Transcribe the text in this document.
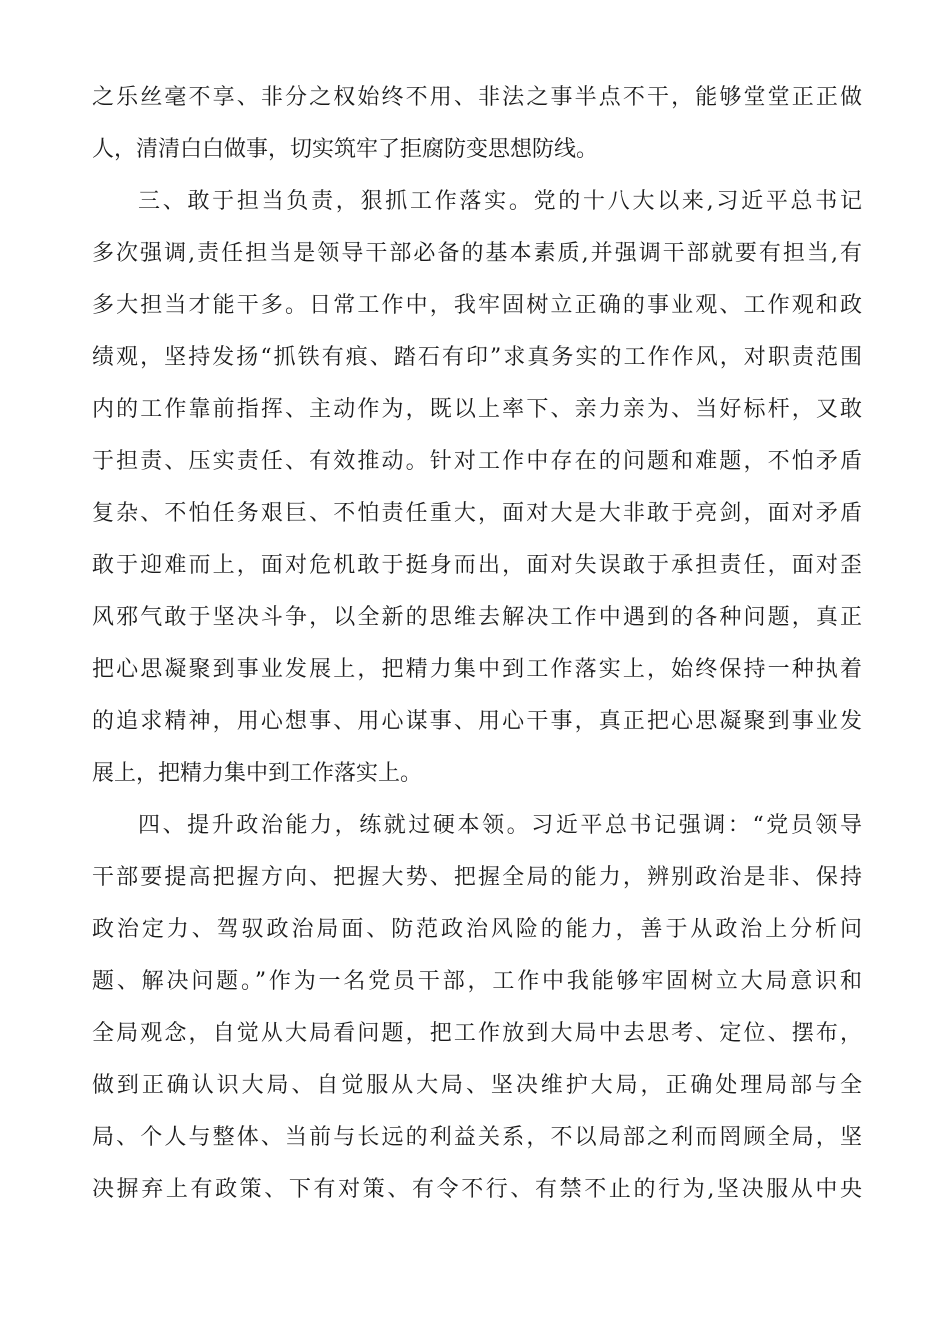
之乐丝毫不享、非分之权始终不用、非法之事半点不干，能够堂堂正正做
人，清清白白做事，切实筑牢了拒腐防变思想防线。
三、敢于担当负责，狠抓工作落实。党的十八大以来,习近平总书记
多次强调,责任担当是领导干部必备的基本素质,并强调干部就要有担当,有
多大担当才能干多。日常工作中，我牢固树立正确的事业观、工作观和政
绩观，坚持发扬“抓铁有痕、踏石有印”求真务实的工作作风，对职责范围
内的工作靠前指挥、主动作为，既以上率下、亲力亲为、当好标杆，又敢
于担责、压实责任、有效推动。针对工作中存在的问题和难题，不怕矛盾
复杂、不怕任务艰巨、不怕责任重大，面对大是大非敢于亮剑，面对矛盾
敢于迎难而上，面对危机敢于挺身而出，面对失误敢于承担责任，面对歪
风邪气敢于坚决斗争，以全新的思维去解决工作中遇到的各种问题，真正
把心思凝聚到事业发展上，把精力集中到工作落实上，始终保持一种执着
的追求精神，用心想事、用心谋事、用心干事，真正把心思凝聚到事业发
展上，把精力集中到工作落实上。
四、提升政治能力，练就过硬本领。习近平总书记强调：“党员领导
干部要提高把握方向、把握大势、把握全局的能力，辨别政治是非、保持
政治定力、驾驭政治局面、防范政治风险的能力，善于从政治上分析问
题、解决问题。”作为一名党员干部，工作中我能够牢固树立大局意识和
全局观念，自觉从大局看问题，把工作放到大局中去思考、定位、摆布，
做到正确认识大局、自觉服从大局、坚决维护大局，正确处理局部与全
局、个人与整体、当前与长远的利益关系，不以局部之利而罔顾全局，坚
决摒弃上有政策、下有对策、有令不行、有禁不止的行为,坚决服从中央
